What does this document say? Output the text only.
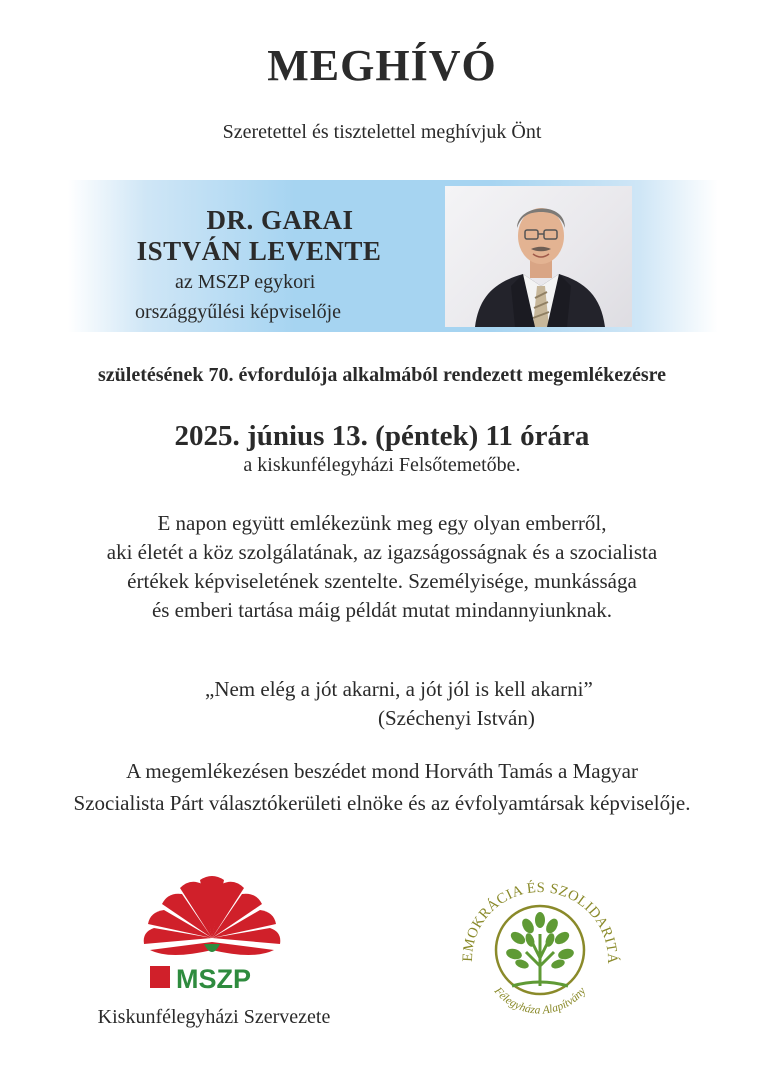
MEGHÍVÓ
Szeretettel és tisztelettel meghívjuk Önt
DR. GARAI
ISTVÁN LEVENTE
az MSZP egykori
országgyűlési képviselője
születésének 70. évfordulója alkalmából rendezett megemlékezésre
2025. június 13. (péntek) 11 órára
a kiskunfélegyházi Felsőtemetőbe.
E napon együtt emlékezünk meg egy olyan emberről,
aki életét a köz szolgálatának, az igazságosságnak és a szocialista
értékek képviseletének szentelte. Személyisége, munkássága
és emberi tartása máig példát mutat mindannyiunknak.
„Nem elég a jót akarni, a jót jól is kell akarni”
(Széchenyi István)
A megemlékezésen beszédet mond Horváth Tamás a Magyar
Szocialista Párt választókerületi elnöke és az évfolyamtársak képviselője.
MSZP
Kiskunfélegyházi Szervezete
EMOKRÁCIA ÉS SZOLIDARITÁ
Félegyháza Alapítvány
